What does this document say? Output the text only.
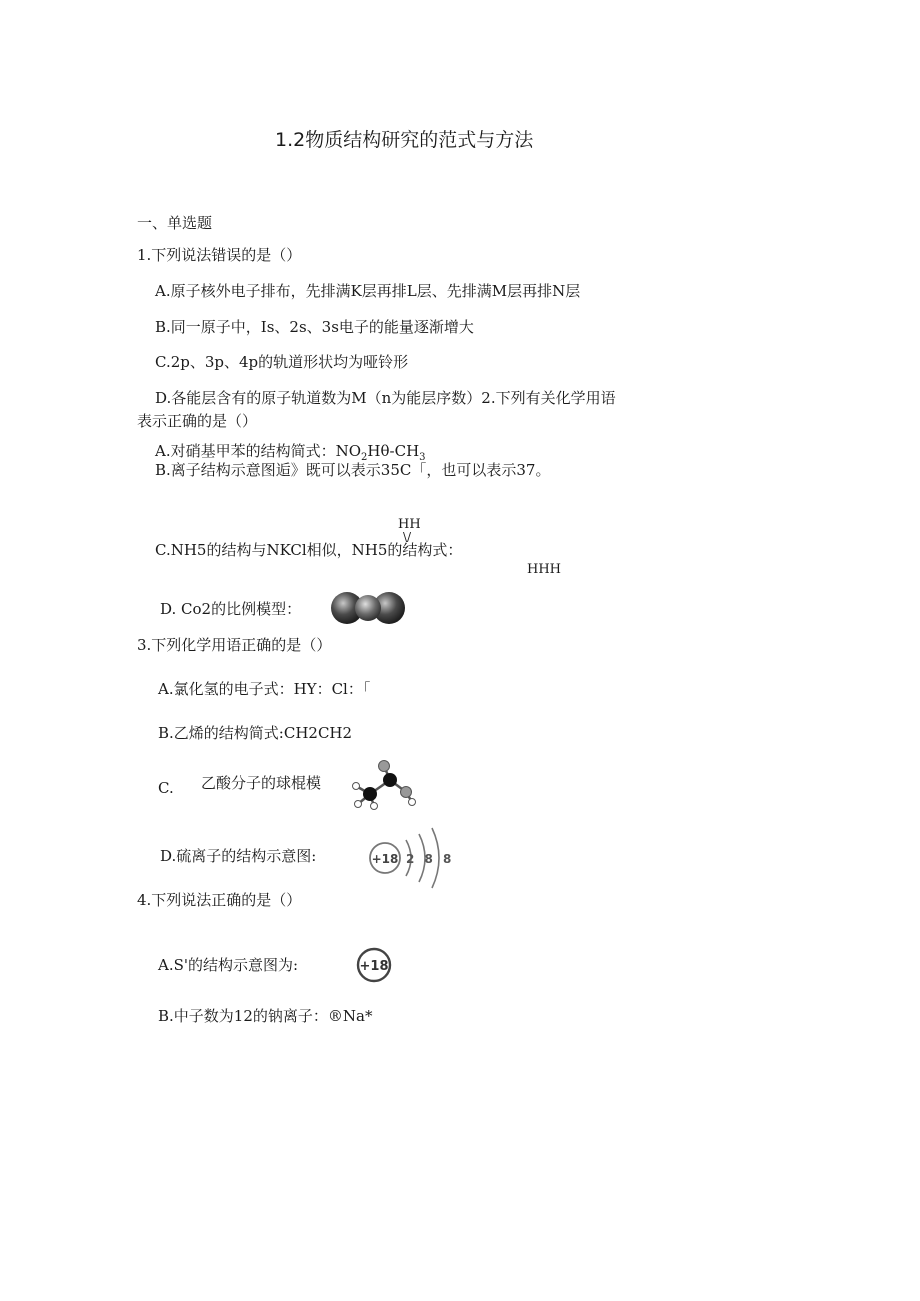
1.2物质结构研究的范式与方法
一、单选题
1.下列说法错误的是（）
A.原子核外电子排布，先排满K层再排L层、先排满M层再排N层
B.同一原子中，Is、2s、3s电子的能量逐渐增大
C.2p、3p、4p的轨道形状均为哑铃形
D.各能层含有的原子轨道数为M（n为能层序数）2.下列有关化学用语
表示正确的是（）
A.对硝基甲苯的结构简式：$NO_2H\theta-CH_3$
B.离子结构示意图逅》既可以表示35C「，也可以表示37。
HH
\/
C.NH5的结构与NKCl相似，NH5的结构式：
HHH
D. Co2的比例模型：
3.下列化学用语正确的是（）
A.氯化氢的电子式：HY：Cl：「
B.乙烯的结构简式:CH2CH2
C. 乙酸分子的球棍模
D.硫离子的结构示意图:	+18 2 8 8
4.下列说法正确的是（）
A.S'的结构示意图为:	+18
B.中子数为12的钠离子：®Na*
